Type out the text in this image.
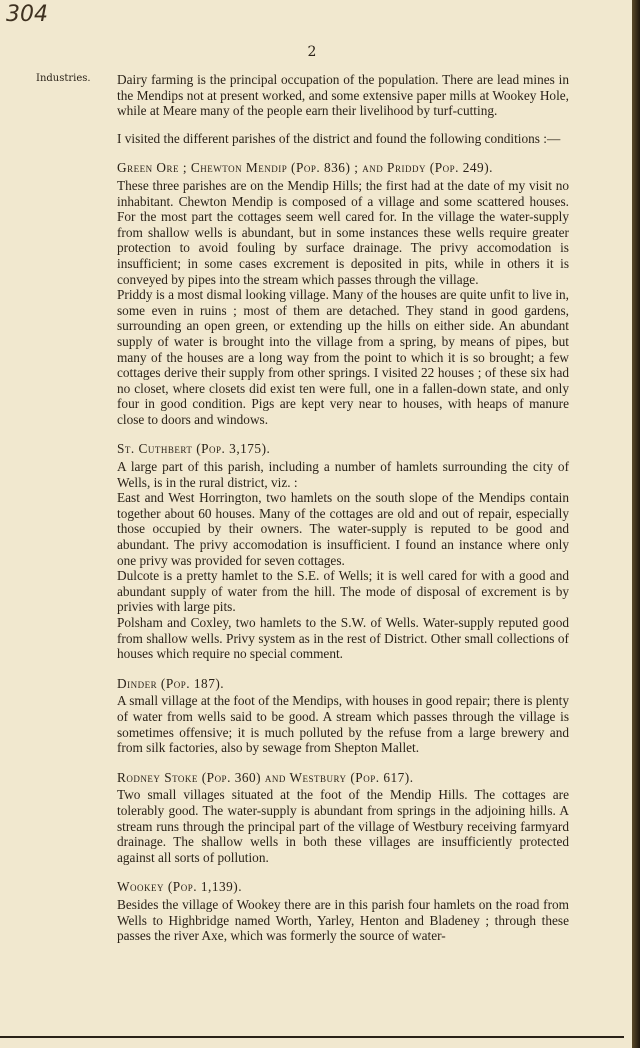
304
2
Industries. Dairy farming is the principal occupation of the population. There are lead mines in the Mendips not at present worked, and some extensive paper mills at Wookey Hole, while at Meare many of the people earn their livelihood by turf-cutting.

I visited the different parishes of the district and found the following conditions :—

Green Ore ; Chewton Mendip (Pop. 836) ; and Priddy (Pop. 249).

These three parishes are on the Mendip Hills; the first had at the date of my visit no inhabitant. Chewton Mendip is composed of a village and some scattered houses. For the most part the cottages seem well cared for. In the village the water-supply from shallow wells is abundant, but in some instances these wells require greater protection to avoid fouling by surface drainage. The privy accomodation is insufficient; in some cases excrement is deposited in pits, while in others it is conveyed by pipes into the stream which passes through the village.

Priddy is a most dismal looking village. Many of the houses are quite unfit to live in, some even in ruins ; most of them are detached. They stand in good gardens, surrounding an open green, or extending up the hills on either side. An abundant supply of water is brought into the village from a spring, by means of pipes, but many of the houses are a long way from the point to which it is so brought; a few cottages derive their supply from other springs. I visited 22 houses ; of these six had no closet, where closets did exist ten were full, one in a fallen-down state, and only four in good condition. Pigs are kept very near to houses, with heaps of manure close to doors and windows.

St. Cuthbert (Pop. 3,175).

A large part of this parish, including a number of hamlets surrounding the city of Wells, is in the rural district, viz. :

East and West Horrington, two hamlets on the south slope of the Mendips contain together about 60 houses. Many of the cottages are old and out of repair, especially those occupied by their owners. The water-supply is reputed to be good and abundant. The privy accomodation is insufficient. I found an instance where only one privy was provided for seven cottages.

Dulcote is a pretty hamlet to the S.E. of Wells; it is well cared for with a good and abundant supply of water from the hill. The mode of disposal of excrement is by privies with large pits.

Polsham and Coxley, two hamlets to the S.W. of Wells. Water-supply reputed good from shallow wells. Privy system as in the rest of District. Other small collections of houses which require no special comment.

Dinder (Pop. 187).

A small village at the foot of the Mendips, with houses in good repair; there is plenty of water from wells said to be good. A stream which passes through the village is sometimes offensive; it is much polluted by the refuse from a large brewery and from silk factories, also by sewage from Shepton Mallet.

Rodney Stoke (Pop. 360) and Westbury (Pop. 617).

Two small villages situated at the foot of the Mendip Hills. The cottages are tolerably good. The water-supply is abundant from springs in the adjoining hills. A stream runs through the principal part of the village of Westbury receiving farmyard drainage. The shallow wells in both these villages are insufficiently protected against all sorts of pollution.

Wookey (Pop. 1,139).

Besides the village of Wookey there are in this parish four hamlets on the road from Wells to Highbridge named Worth, Yarley, Henton and Bladeney ; through these passes the river Axe, which was formerly the source of water-
